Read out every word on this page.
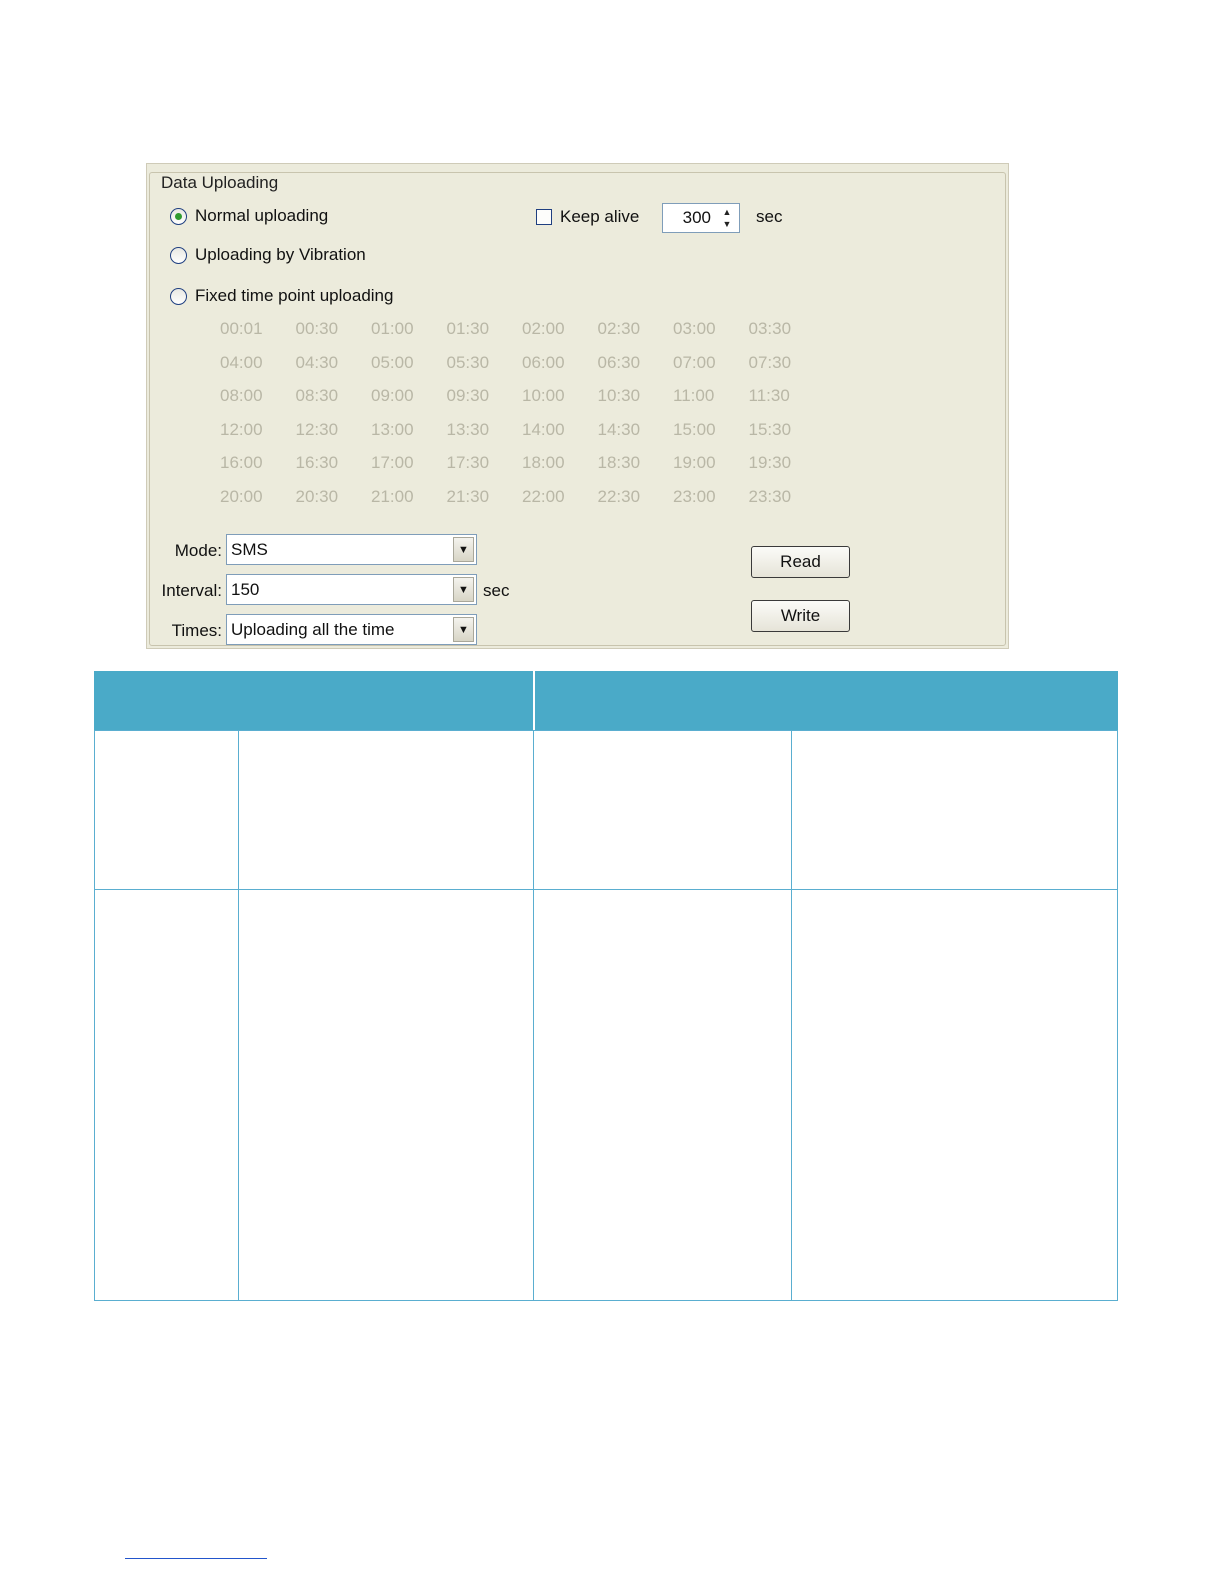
Data Uploading
Normal uploading
Uploading by Vibration
Fixed time point uploading
Keep alive	300	▲
▼ sec
00:01	00:30	01:00	01:30	02:00	02:30	03:00	03:30
04:00	04:30	05:00	05:30	06:00	06:30	07:00	07:30
08:00	08:30	09:00	09:30	10:00	10:30	11:00	11:30
12:00	12:30	13:00	13:30	14:00	14:30	15:00	15:30
16:00	16:30	17:00	17:30	18:00	18:30	19:00	19:30
20:00	20:30	21:00	21:30	22:00	22:30	23:00	23:30
Mode: SMS	▼
Interval: 150	▼ sec
Times: Uploading all the time	▼
Read
Write
